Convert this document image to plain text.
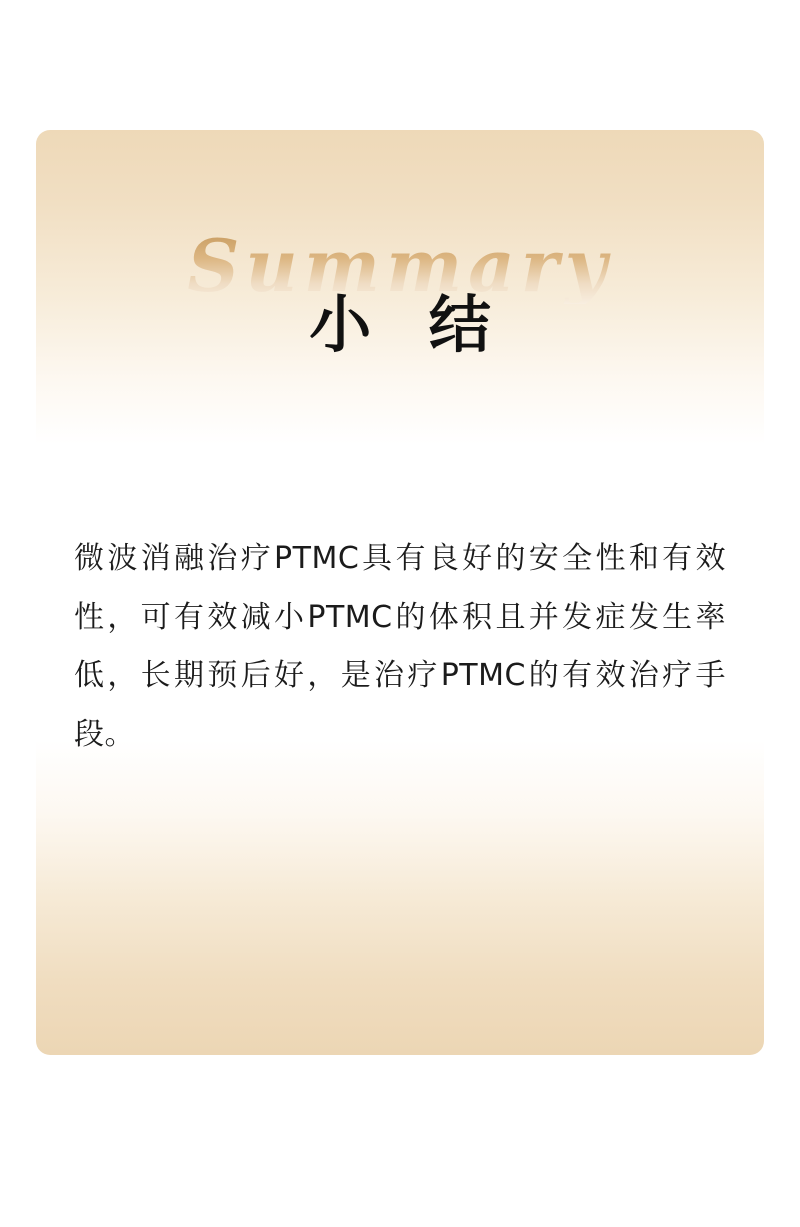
Summary
小 结
微波消融治疗PTMC具有良好的安全性和有效性，可有效减小PTMC的体积且并发症发生率低，长期预后好，是治疗PTMC的有效治疗手段。
